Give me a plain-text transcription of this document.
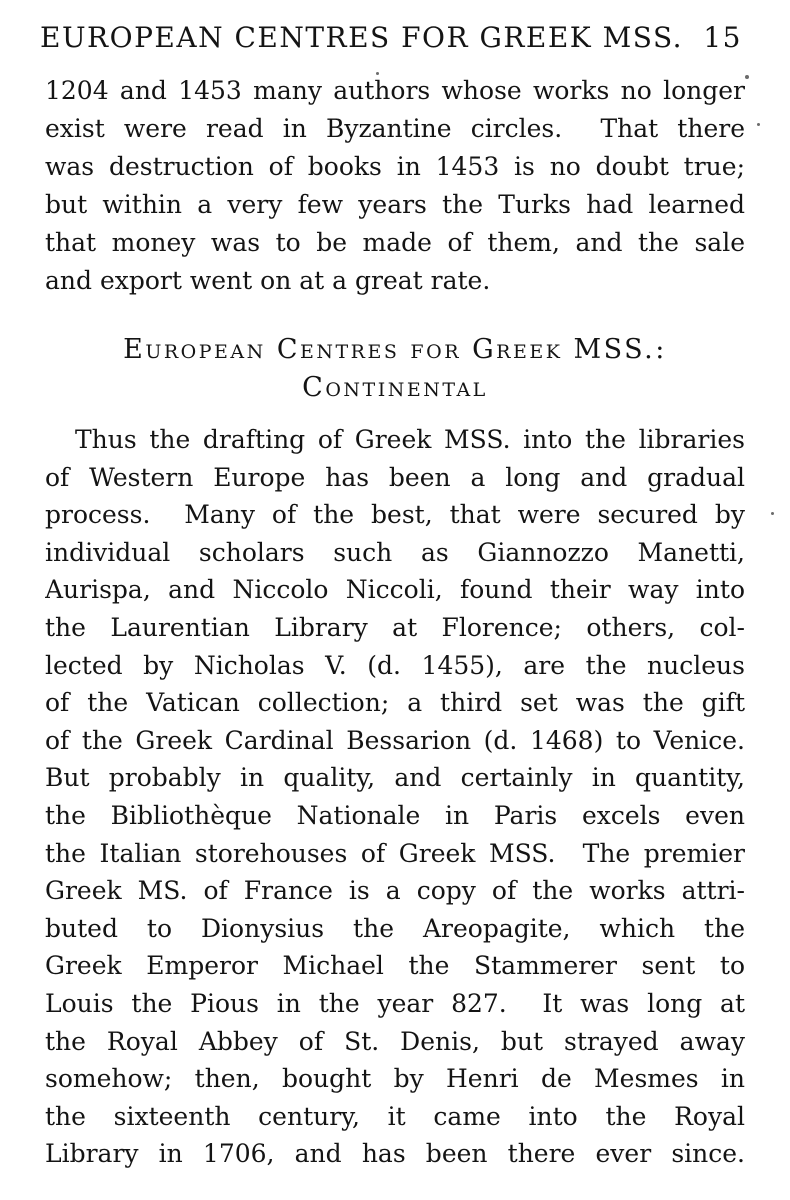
EUROPEAN CENTRES FOR GREEK MSS. 15
1204 and 1453 many authors whose works no longer
exist were read in Byzantine circles.  That there
was destruction of books in 1453 is no doubt true;
but within a very few years the Turks had learned
that money was to be made of them, and the sale
and export went on at a great rate.
European Centres for Greek MSS.:
Continental
Thus the drafting of Greek MSS. into the libraries
of Western Europe has been a long and gradual
process.  Many of the best, that were secured by
individual scholars such as Giannozzo Manetti,
Aurispa, and Niccolo Niccoli, found their way into
the Laurentian Library at Florence; others, col-
lected by Nicholas V. (d. 1455), are the nucleus
of the Vatican collection; a third set was the gift
of the Greek Cardinal Bessarion (d. 1468) to Venice.
But probably in quality, and certainly in quantity,
the Bibliothèque Nationale in Paris excels even
the Italian storehouses of Greek MSS.  The premier
Greek MS. of France is a copy of the works attri-
buted to Dionysius the Areopagite, which the
Greek Emperor Michael the Stammerer sent to
Louis the Pious in the year 827.  It was long at
the Royal Abbey of St. Denis, but strayed away
somehow; then, bought by Henri de Mesmes in
the sixteenth century, it came into the Royal
Library in 1706, and has been there ever since.
